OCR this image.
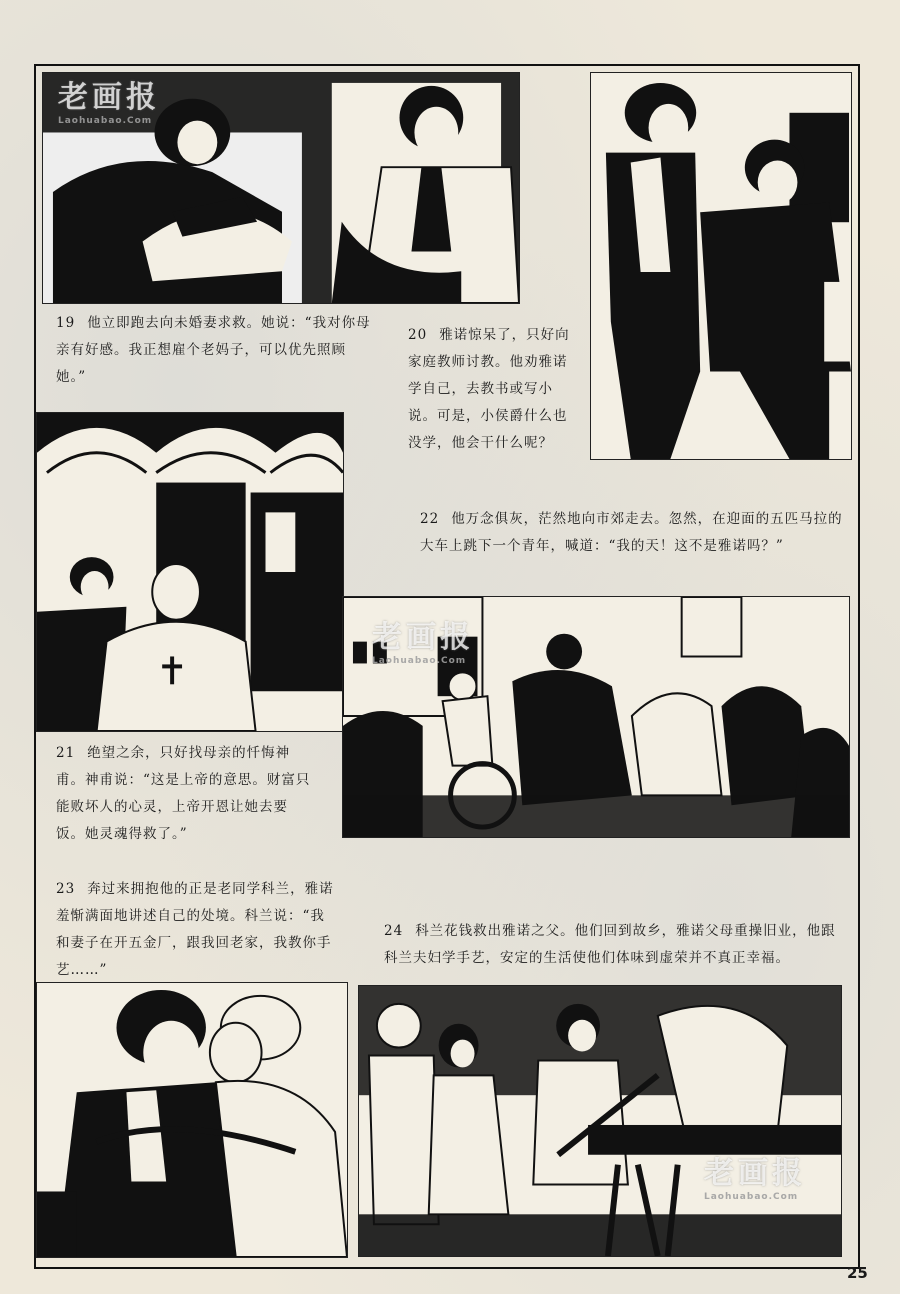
19 他立即跑去向未婚妻求救。她说：“我对你母亲有好感。我正想雇个老妈子，可以优先照顾她。”
20 雅诺惊呆了，只好向家庭教师讨教。他劝雅诺学自己，去教书或写小说。可是，小侯爵什么也没学，他会干什么呢？
21 绝望之余，只好找母亲的忏悔神甫。神甫说：“这是上帝的意思。财富只能败坏人的心灵，上帝开恩让她去要饭。她灵魂得救了。”
22 他万念俱灰，茫然地向市郊走去。忽然，在迎面的五匹马拉的大车上跳下一个青年，喊道：“我的天！这不是雅诺吗？”
23 奔过来拥抱他的正是老同学科兰，雅诺羞惭满面地讲述自己的处境。科兰说：“我和妻子在开五金厂，跟我回老家，我教你手艺……”
24 科兰花钱救出雅诺之父。他们回到故乡，雅诺父母重操旧业，他跟科兰夫妇学手艺，安定的生活使他们体味到虚荣并不真正幸福。
老画报
Laohuabao.Com
老画报
Laohuabao.Com
老画报
Laohuabao.Com
25
